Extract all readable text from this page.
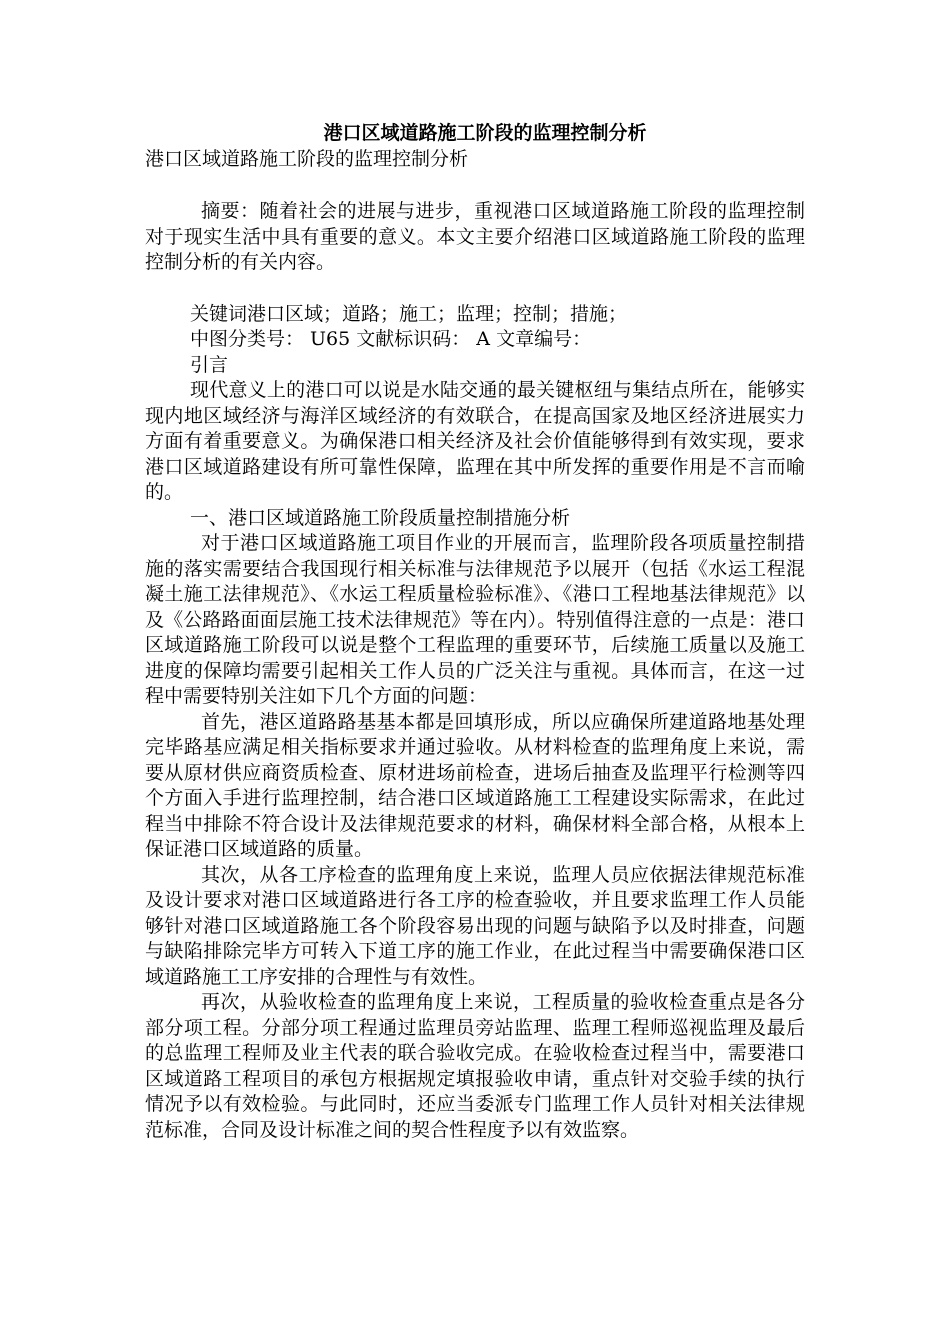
港口区域道路施工阶段的监理控制分析
港口区域道路施工阶段的监理控制分析

摘要：随着社会的进展与进步，重视港口区域道路施工阶段的监理控制对于现实生活中具有重要的意义。本文主要介绍港口区域道路施工阶段的监理控制分析的有关内容。

关键词港口区域；道路；施工；监理；控制；措施；

中图分类号： U65 文献标识码： A 文章编号：

引言

现代意义上的港口可以说是水陆交通的最关键枢纽与集结点所在，能够实现内地区域经济与海洋区域经济的有效联合，在提高国家及地区经济进展实力方面有着重要意义。为确保港口相关经济及社会价值能够得到有效实现，要求港口区域道路建设有所可靠性保障，监理在其中所发挥的重要作用是不言而喻的。

一、港口区域道路施工阶段质量控制措施分析

对于港口区域道路施工项目作业的开展而言，监理阶段各项质量控制措施的落实需要结合我国现行相关标准与法律规范予以展开（包括《水运工程混凝土施工法律规范》、《水运工程质量检验标准》、《港口工程地基法律规范》以及《公路路面面层施工技术法律规范》等在内）。特别值得注意的一点是：港口区域道路施工阶段可以说是整个工程监理的重要环节，后续施工质量以及施工进度的保障均需要引起相关工作人员的广泛关注与重视。具体而言，在这一过程中需要特别关注如下几个方面的问题：

首先，港区道路路基基本都是回填形成，所以应确保所建道路地基处理完毕路基应满足相关指标要求并通过验收。从材料检查的监理角度上来说，需要从原材供应商资质检查、原材进场前检查，进场后抽查及监理平行检测等四个方面入手进行监理控制，结合港口区域道路施工工程建设实际需求，在此过程当中排除不符合设计及法律规范要求的材料，确保材料全部合格，从根本上保证港口区域道路的质量。

其次，从各工序检查的监理角度上来说，监理人员应依据法律规范标准及设计要求对港口区域道路进行各工序的检查验收，并且要求监理工作人员能够针对港口区域道路施工各个阶段容易出现的问题与缺陷予以及时排查，问题与缺陷排除完毕方可转入下道工序的施工作业，在此过程当中需要确保港口区域道路施工工序安排的合理性与有效性。

再次，从验收检查的监理角度上来说，工程质量的验收检查重点是各分部分项工程。分部分项工程通过监理员旁站监理、监理工程师巡视监理及最后的总监理工程师及业主代表的联合验收完成。在验收检查过程当中，需要港口区域道路工程项目的承包方根据规定填报验收申请，重点针对交验手续的执行情况予以有效检验。与此同时，还应当委派专门监理工作人员针对相关法律规范标准，合同及设计标准之间的契合性程度予以有效监察。
